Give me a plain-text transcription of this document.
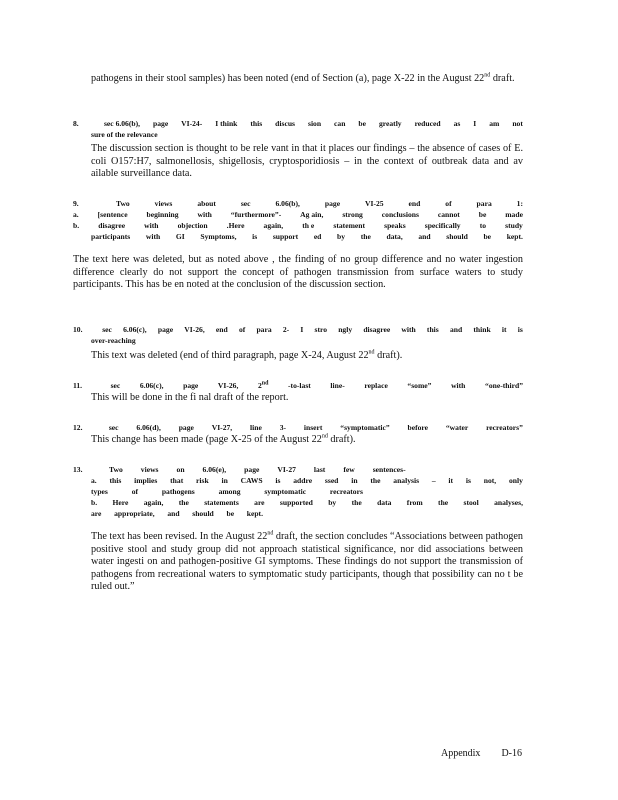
pathogens in their stool samples) has been noted (end of Section (a), page X-22 in the August 22nd draft.
8.	sec 6.06(b), page VI-24- I think this discus sion can be greatly reduced as I am not
sure of the relevance
The discussion section is thought to be rele vant in that it places our findings – the absence of cases of E. coli O157:H7, salmonellosis, shigellosis, cryptosporidiosis – in the context of outbreak data and av ailable surveillance data.
9.	Two	views	about	sec	6.06(b),	page	VI-25	end	of	para	1:
a. [sentence beginning with “furthermore”- Ag ain, strong conclusions cannot be made
b.	disagree	with	objection	.Here	again,	th e	statement	speaks	specifically	to	study
participants with GI Symptoms, is support ed by the data, and should be kept.
The text here was deleted, but as noted above , the finding of no group difference and no water ingestion difference clearly do not support the concept of pathogen transmission from surface waters to study participants. This has be en noted at the conclusion of the discussion section.
10.	sec 6.06(c), page VI-26, end of para 2- I stro ngly disagree with this and think it is
over-reaching
This text was deleted (end of third paragraph, page X-24, August 22nd draft).
11.	sec	6.06(c),	page	VI-26,	2nd	-to-last	line-	replace	“some”	with	“one-third”
This will be done in the fi nal draft of the report.
12.	sec 6.06(d), page VI-27, line 3- insert “symptomatic” before “water recreators”
This change has been made (page X-25 of the August 22nd draft).
13.	Two views on 6.06(e), page VI-27 last few sentences-
a. this implies that risk in CAWS is addre ssed in the analysis – it is not, only
types	of	pathogens	among	symptomatic	recreators
b. Here again, the statements are supported by the data from the stool analyses,
are appropriate, and should be kept.
The text has been revised. In the August 22nd draft, the section concludes “Associations between pathogen positive stool and study group did not approach statistical significance, nor did associations between water ingesti on and pathogen-positive GI symptoms. These findings do not support the transmission of pathogens from recreational waters to symptomatic study participants, though that possibility can no t be ruled out.”
Appendix D-16
